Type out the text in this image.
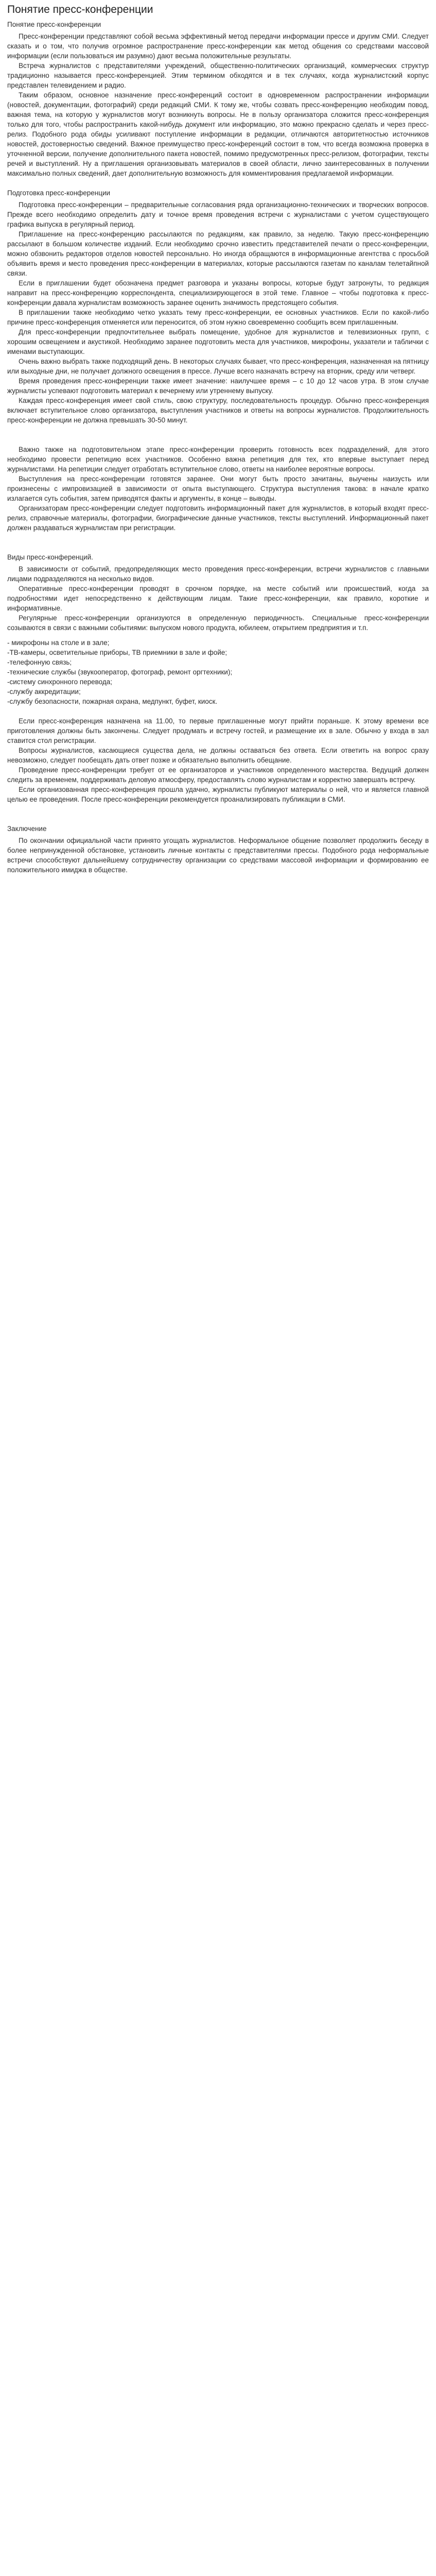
Понятие пресс-конференции
Понятие пресс-конференции

Пресс-конференции представляют собой весьма эффективный метод передачи информации прессе и другим СМИ. Следует сказать и о том, что получив огромное распространение пресс-конференции как метод общения со средствами массовой информации (если пользоваться им разумно) дают весьма положительные результаты.

Встреча журналистов с представителями учреждений, общественно-политических организаций, коммерческих структур традиционно называется пресс-конференцией. Этим термином обходятся и в тех случаях, когда журналистский корпус представлен телевидением и радио.

Таким образом, основное назначение пресс-конференций состоит в одновременном распространении информации (новостей, документации, фотографий) среди редакций СМИ. К тому же, чтобы созвать пресс-конференцию необходим повод, важная тема, на которую у журналистов могут возникнуть вопросы. Не в пользу организатора сложится пресс-конференция только для того, чтобы распространить какой-нибудь документ или информацию, это можно прекрасно сделать и через пресс-релиз. Подобного рода обиды усиливают поступление информации в редакции, отличаются авторитетностью источников новостей, достоверностью сведений. Важное преимущество пресс-конференций состоит в том, что всегда возможна проверка в уточненной версии, получение дополнительного пакета новостей, помимо предусмотренных пресс-релизом, фотографии, тексты речей и выступлений. Ну а приглашения организовывать материалов в своей области, лично заинтересованных в получении максимально полных сведений, дает дополнительную возможность для комментирования предлагаемой информации.

Подготовка пресс-конференции

Подготовка пресс-конференции – предварительные согласования ряда организационно-технических и творческих вопросов. Прежде всего необходимо определить дату и точное время проведения встречи с журналистами с учетом существующего графика выпуска в регулярный период.

Приглашение на пресс-конференцию рассылаются по редакциям, как правило, за неделю. Такую пресс-конференцию рассылают в большом количестве изданий. Если необходимо срочно известить представителей печати о пресс-конференции, можно обзвонить редакторов отделов новостей персонально. Но иногда обращаются в информационные агентства с просьбой объявить время и место проведения пресс-конференции в материалах, которые рассылаются газетам по каналам телетайпной связи.

Если в приглашении будет обозначена предмет разговора и указаны вопросы, которые будут затронуты, то редакция направит на пресс-конференцию корреспондента, специализирующегося в этой теме. Главное – чтобы подготовка к пресс-конференции давала журналистам возможность заранее оценить значимость предстоящего события.

В приглашении также необходимо четко указать тему пресс-конференции, ее основных участников. Если по какой-либо причине пресс-конференция отменяется или переносится, об этом нужно своевременно сообщить всем приглашенным.

Для пресс-конференции предпочтительнее выбрать помещение, удобное для журналистов и телевизионных групп, с хорошим освещением и акустикой. Необходимо заранее подготовить места для участников, микрофоны, указатели и таблички с именами выступающих.

Очень важно выбрать также подходящий день. В некоторых случаях бывает, что пресс-конференция, назначенная на пятницу или выходные дни, не получает должного освещения в прессе. Лучше всего назначать встречу на вторник, среду или четверг.

Время проведения пресс-конференции также имеет значение: наилучшее время – с 10 до 12 часов утра. В этом случае журналисты успевают подготовить материал к вечернему или утреннему выпуску.

Каждая пресс-конференция имеет свой стиль, свою структуру, последовательность процедур. Обычно пресс-конференция включает вступительное слово организатора, выступления участников и ответы на вопросы журналистов. Продолжительность пресс-конференции не должна превышать 30-50 минут.

Важно также на подготовительном этапе пресс-конференции проверить готовность всех подразделений, для этого необходимо провести репетицию всех участников. Особенно важна репетиция для тех, кто впервые выступает перед журналистами. На репетиции следует отработать вступительное слово, ответы на наиболее вероятные вопросы.

Выступления на пресс-конференции готовятся заранее. Они могут быть просто зачитаны, выучены наизусть или произнесены с импровизацией в зависимости от опыта выступающего. Структура выступления такова: в начале кратко излагается суть события, затем приводятся факты и аргументы, в конце – выводы.

Организаторам пресс-конференции следует подготовить информационный пакет для журналистов, в который входят пресс-релиз, справочные материалы, фотографии, биографические данные участников, тексты выступлений. Информационный пакет должен раздаваться журналистам при регистрации.

Виды пресс-конференций.

В зависимости от событий, предопределяющих место проведения пресс-конференции, встречи журналистов с главными лицами подразделяются на несколько видов.

Оперативные пресс-конференции проводят в срочном порядке, на месте событий или происшествий, когда за подробностями идет непосредственно к действующим лицам. Такие пресс-конференции, как правило, короткие и информативные.

Регулярные пресс-конференции организуются в определенную периодичность. Специальные пресс-конференции созываются в связи с важными событиями: выпуском нового продукта, юбилеем, открытием предприятия и т.п.

- микрофоны на столе и в зале;

-ТВ-камеры, осветительные приборы, ТВ приемники в зале и фойе;

-телефонную связь;

-технические службы (звукооператор, фотограф, ремонт оргтехники);

-систему синхронного перевода;

-службу аккредитации;

-службу безопасности, пожарная охрана, медпункт, буфет, киоск.

Если пресс-конференция назначена на 11.00, то первые приглашенные могут прийти пораньше. К этому времени все приготовления должны быть закончены. Следует продумать и встречу гостей, и размещение их в зале. Обычно у входа в зал ставится стол регистрации.

Вопросы журналистов, касающиеся существа дела, не должны оставаться без ответа. Если ответить на вопрос сразу невозможно, следует пообещать дать ответ позже и обязательно выполнить обещание.

Проведение пресс-конференции требует от ее организаторов и участников определенного мастерства. Ведущий должен следить за временем, поддерживать деловую атмосферу, предоставлять слово журналистам и корректно завершать встречу.

Если организованная пресс-конференция прошла удачно, журналисты публикуют материалы о ней, что и является главной целью ее проведения. После пресс-конференции рекомендуется проанализировать публикации в СМИ.

Заключение

По окончании официальной части принято угощать журналистов. Неформальное общение позволяет продолжить беседу в более непринужденной обстановке, установить личные контакты с представителями прессы. Подобного рода неформальные встречи способствуют дальнейшему сотрудничеству организации со средствами массовой информации и формированию ее положительного имиджа в обществе.
